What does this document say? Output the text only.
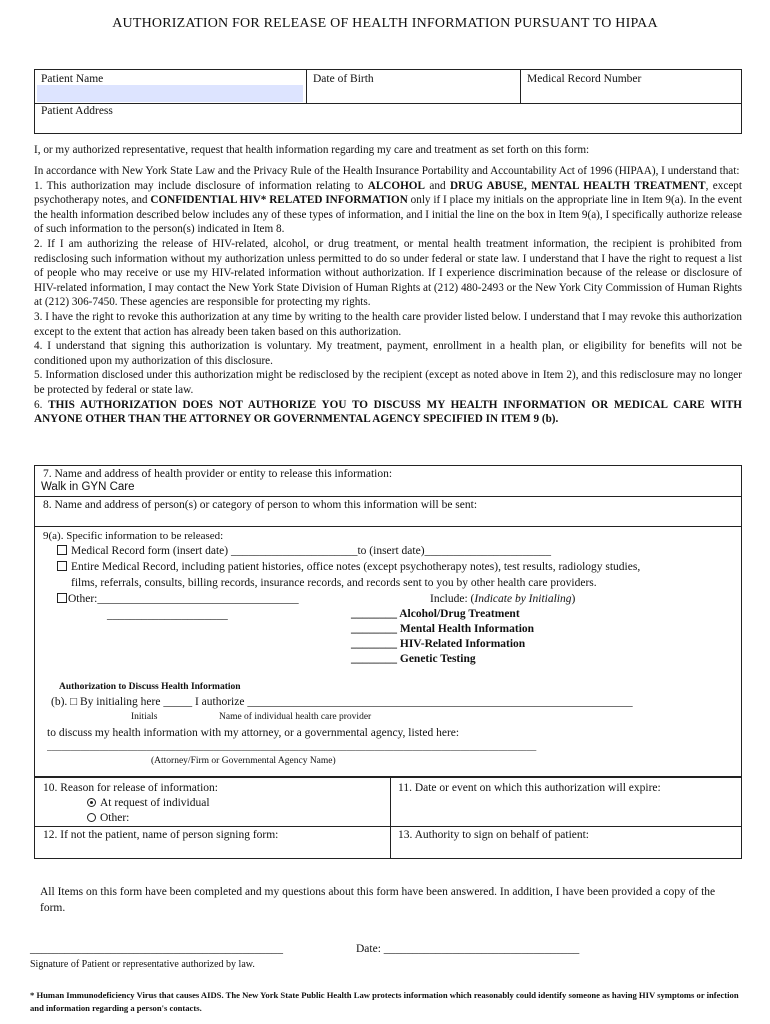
AUTHORIZATION FOR RELEASE OF HEALTH INFORMATION PURSUANT TO HIPAA
Patient Name	Date of Birth	Medical Record Number
Patient Address
I, or my authorized representative, request that health information regarding my care and treatment as set forth on this form:

In accordance with New York State Law and the Privacy Rule of the Health Insurance Portability and Accountability Act of 1996 (HIPAA), I understand that:

1. This authorization may include disclosure of information relating to ALCOHOL and DRUG ABUSE, MENTAL HEALTH TREATMENT, except psychotherapy notes, and CONFIDENTIAL HIV* RELATED INFORMATION only if I place my initials on the appropriate line in Item 9(a). In the event the health information described below includes any of these types of information, and I initial the line on the box in Item 9(a), I specifically authorize release of such information to the person(s) indicated in Item 8.

2. If I am authorizing the release of HIV-related, alcohol, or drug treatment, or mental health treatment information, the recipient is prohibited from redisclosing such information without my authorization unless permitted to do so under federal or state law. I understand that I have the right to request a list of people who may receive or use my HIV-related information without authorization. If I experience discrimination because of the release or disclosure of HIV-related information, I may contact the New York State Division of Human Rights at (212) 480-2493 or the New York City Commission of Human Rights at (212) 306-7450. These agencies are responsible for protecting my rights.

3. I have the right to revoke this authorization at any time by writing to the health care provider listed below. I understand that I may revoke this authorization except to the extent that action has already been taken based on this authorization.

4. I understand that signing this authorization is voluntary. My treatment, payment, enrollment in a health plan, or eligibility for benefits will not be conditioned upon my authorization of this disclosure.

5. Information disclosed under this authorization might be redisclosed by the recipient (except as noted above in Item 2), and this redisclosure may no longer be protected by federal or state law.

6. THIS AUTHORIZATION DOES NOT AUTHORIZE YOU TO DISCUSS MY HEALTH INFORMATION OR MEDICAL CARE WITH ANYONE OTHER THAN THE ATTORNEY OR GOVERNMENTAL AGENCY SPECIFIED IN ITEM 9 (b).

7. Name and address of health provider or entity to release this information:
Walk in GYN Care
8. Name and address of person(s) or category of person to whom this information will be sent:
9(a). Specific information to be released:
Medical Record form (insert date) ______________________to (insert date)______________________
Entire Medical Record, including patient histories, office notes (except psychotherapy notes), test results, radiology studies,
films, referrals, consults, billing records, insurance records, and records sent to you by other health care providers.
Other:___________________________________
_____________________
Include: (Indicate by Initialing)
________ Alcohol/Drug Treatment
________ Mental Health Information
________ HIV-Related Information
________ Genetic Testing
Authorization to Discuss Health Information
(b). □ By initialing here _____ I authorize ___________________________________________________________________
Initials	Name of individual health care provider
to discuss my health information with my attorney, or a governmental agency, listed here:
_______________________________________________________________________________________________________
(Attorney/Firm or Governmental Agency Name)
10. Reason for release of information:
At request of individual
Other:
11. Date or event on which this authorization will expire:
12. If not the patient, name of person signing form:	13. Authority to sign on behalf of patient:
All Items on this form have been completed and my questions about this form have been answered. In addition, I have been provided a copy of the form.
____________________________________________
Signature of Patient or representative authorized by law.
Date: __________________________________
* Human Immunodeficiency Virus that causes AIDS. The New York State Public Health Law protects information which reasonably could identify someone as having HIV symptoms or infection and information regarding a person's contacts.
